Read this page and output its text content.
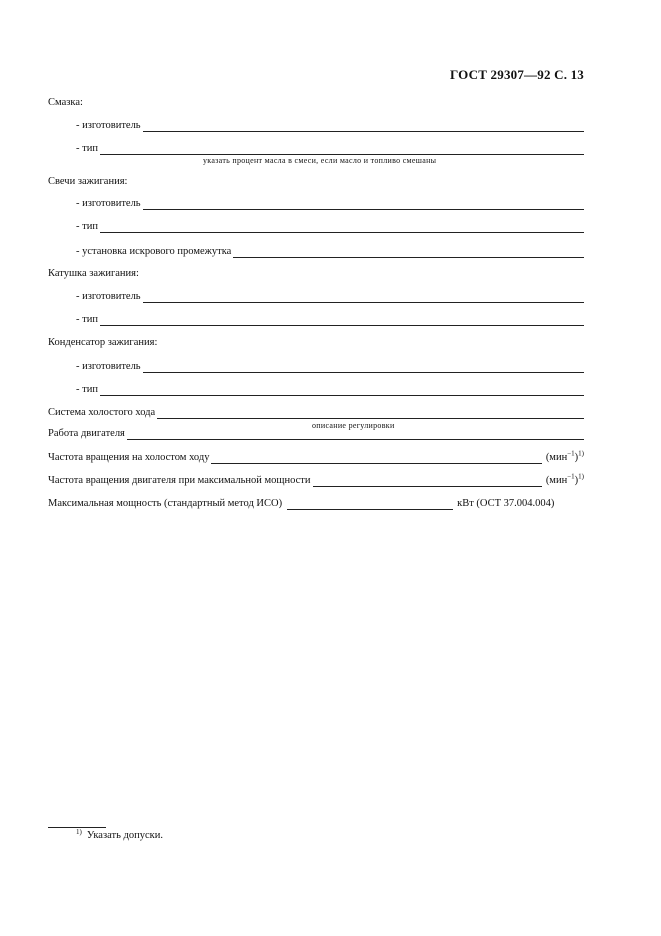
ГОСТ 29307—92 С. 13
Смазка:
- изготовитель
- тип
указать процент масла в смеси, если масло и топливо смешаны
Свечи зажигания:
- изготовитель
- тип
- установка искрового промежутка
Катушка зажигания:
- изготовитель
- тип
Конденсатор зажигания:
- изготовитель
- тип
Система холостого хода
описание регулировки
Работа двигателя
Частота вращения на холостом ходу	$(мин^{-1})^{1)}$
Частота вращения двигателя при максимальной мощности	$(мин^{-1})^{1)}$
Максимальная мощность (стандартный метод ИСО)	кВт (ОСТ 37.004.004)
$^{1)}$ Указать допуски.
